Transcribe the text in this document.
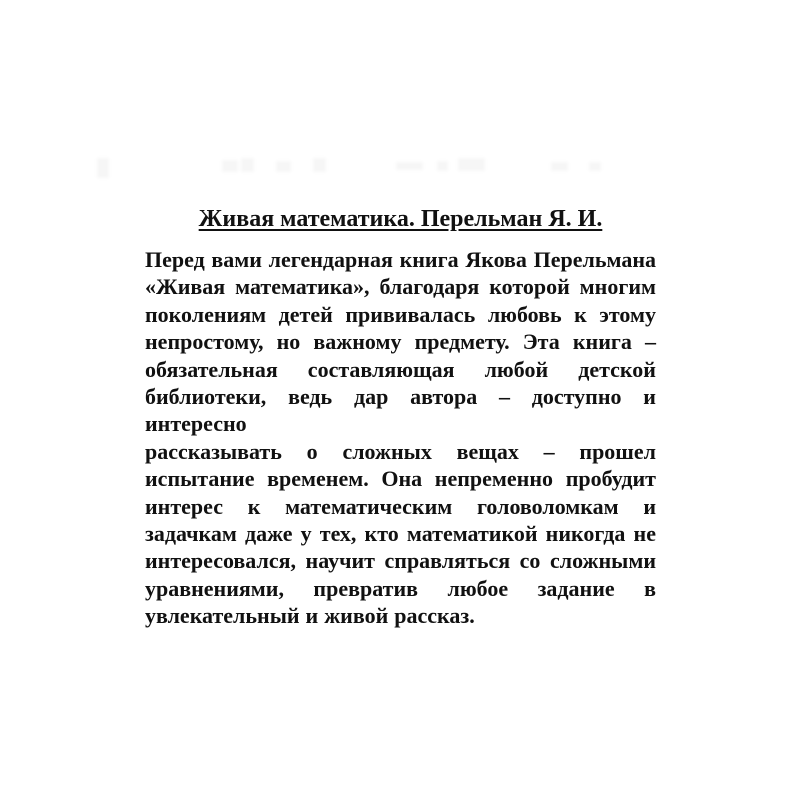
Живая математика. Перельман Я. И.
Перед вами легендарная книга Якова Перельмана
«Живая математика», благодаря которой многим
поколениям детей прививалась любовь к этому
непростому, но важному предмету. Эта книга –
обязательная составляющая любой детской
библиотеки, ведь дар автора – доступно и интересно
рассказывать о сложных вещах – прошел
испытание временем. Она непременно пробудит
интерес к математическим головоломкам и
задачкам даже у тех, кто математикой никогда не
интересовался, научит справляться со сложными
уравнениями, превратив любое задание в
увлекательный и живой рассказ.
